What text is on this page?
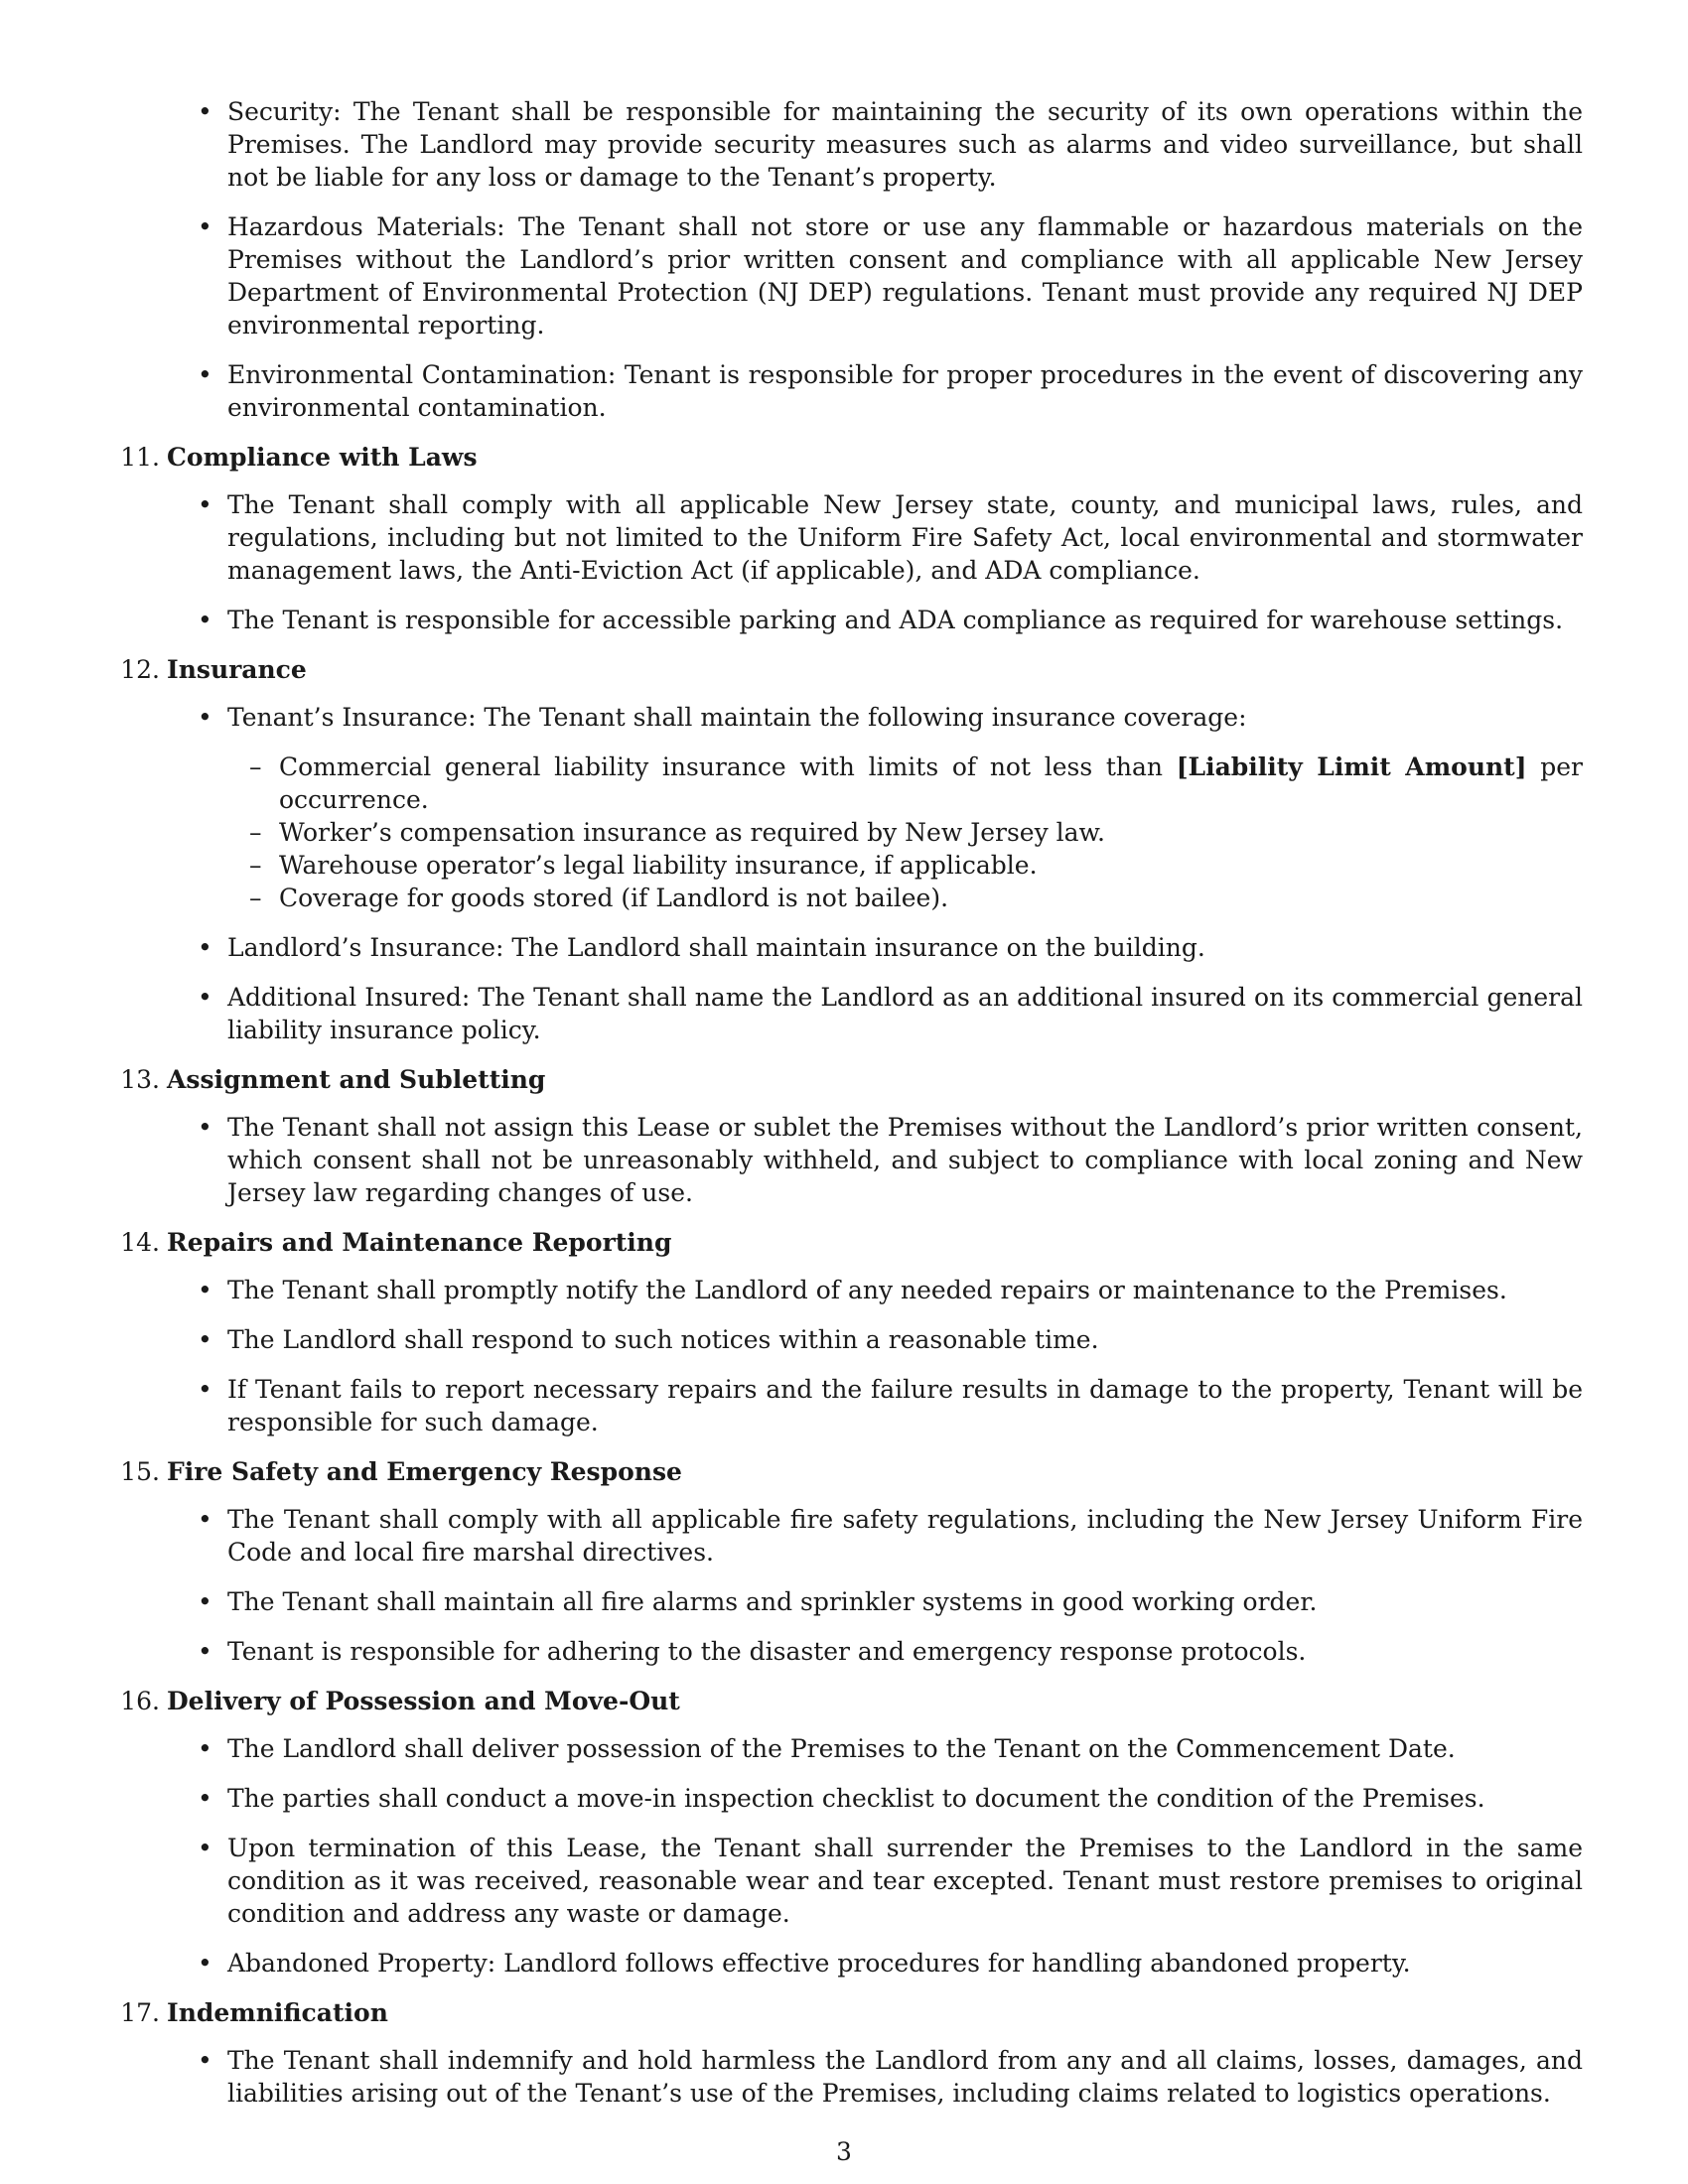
• Security: The Tenant shall be responsible for maintaining the security of its own operations within the Premises. The Landlord may provide security measures such as alarms and video surveillance, but shall not be liable for any loss or damage to the Tenant’s property.
• Hazardous Materials: The Tenant shall not store or use any flammable or hazardous materials on the Premises without the Landlord’s prior written consent and compliance with all applicable New Jersey Department of Environmental Protection (NJ DEP) regulations. Tenant must provide any required NJ DEP environmental reporting.
• Environmental Contamination: Tenant is responsible for proper procedures in the event of discovering any environmental contamination.
11. Compliance with Laws
• The Tenant shall comply with all applicable New Jersey state, county, and municipal laws, rules, and regulations, including but not limited to the Uniform Fire Safety Act, local environmental and stormwater management laws, the Anti-Eviction Act (if applicable), and ADA compliance.
• The Tenant is responsible for accessible parking and ADA compliance as required for warehouse settings.
12. Insurance
• Tenant’s Insurance: The Tenant shall maintain the following insurance coverage:
– Commercial general liability insurance with limits of not less than [Liability Limit Amount] per occurrence.
– Worker’s compensation insurance as required by New Jersey law.
– Warehouse operator’s legal liability insurance, if applicable.
– Coverage for goods stored (if Landlord is not bailee).
• Landlord’s Insurance: The Landlord shall maintain insurance on the building.
• Additional Insured: The Tenant shall name the Landlord as an additional insured on its commercial general liability insurance policy.
13. Assignment and Subletting
• The Tenant shall not assign this Lease or sublet the Premises without the Landlord’s prior written consent, which consent shall not be unreasonably withheld, and subject to compliance with local zoning and New Jersey law regarding changes of use.
14. Repairs and Maintenance Reporting
• The Tenant shall promptly notify the Landlord of any needed repairs or maintenance to the Premises.
• The Landlord shall respond to such notices within a reasonable time.
• If Tenant fails to report necessary repairs and the failure results in damage to the property, Tenant will be responsible for such damage.
15. Fire Safety and Emergency Response
• The Tenant shall comply with all applicable fire safety regulations, including the New Jersey Uniform Fire Code and local fire marshal directives.
• The Tenant shall maintain all fire alarms and sprinkler systems in good working order.
• Tenant is responsible for adhering to the disaster and emergency response protocols.
16. Delivery of Possession and Move-Out
• The Landlord shall deliver possession of the Premises to the Tenant on the Commencement Date.
• The parties shall conduct a move-in inspection checklist to document the condition of the Premises.
• Upon termination of this Lease, the Tenant shall surrender the Premises to the Landlord in the same condition as it was received, reasonable wear and tear excepted. Tenant must restore premises to original condition and address any waste or damage.
• Abandoned Property: Landlord follows effective procedures for handling abandoned property.
17. Indemnification
• The Tenant shall indemnify and hold harmless the Landlord from any and all claims, losses, damages, and liabilities arising out of the Tenant’s use of the Premises, including claims related to logistics operations.
3
